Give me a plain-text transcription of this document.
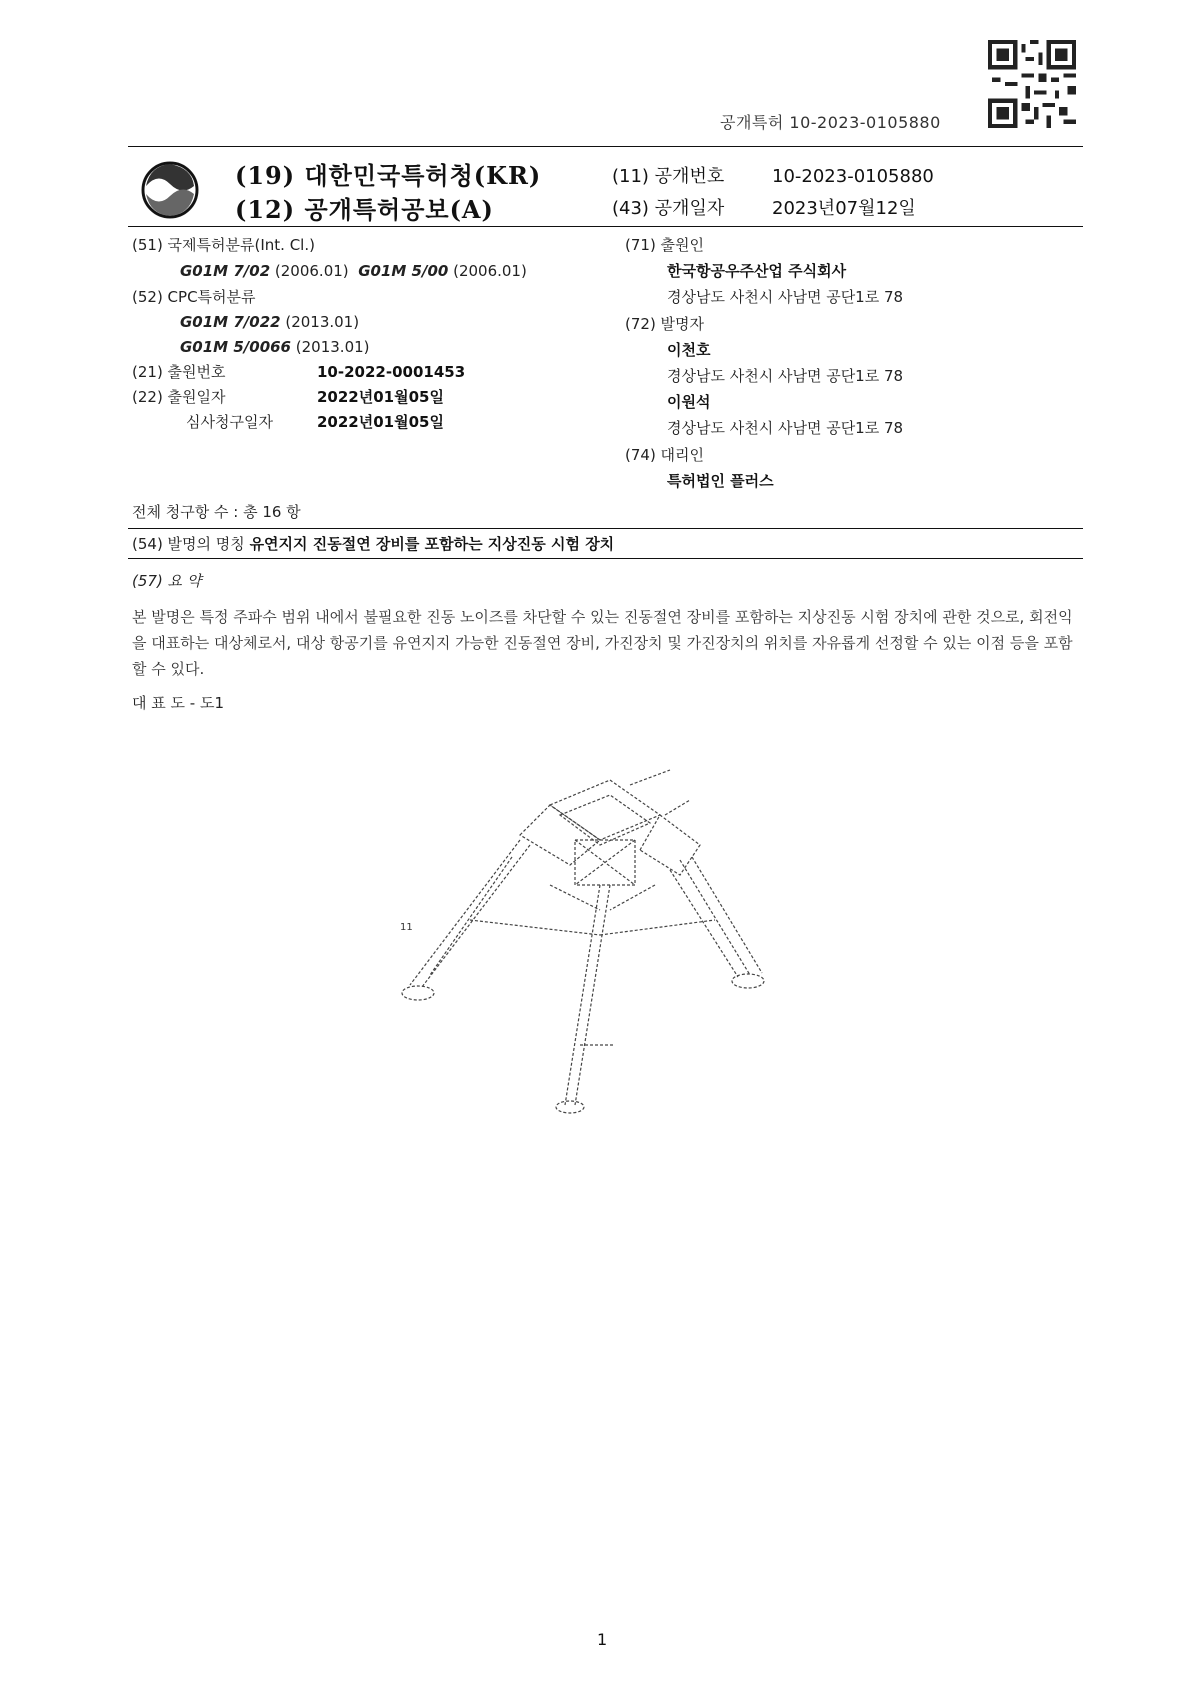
공개특허 10-2023-0105880
(19) 대한민국특허청(KR)
(12) 공개특허공보(A)
(11) 공개번호	10-2023-0105880
(43) 공개일자	2023년07월12일
(51) 국제특허분류(Int. Cl.)
G01M 7/02 (2006.01) G01M 5/00 (2006.01)
(52) CPC특허분류
G01M 7/022 (2013.01)
G01M 5/0066 (2013.01)
(21) 출원번호	10-2022-0001453
(22) 출원일자	2022년01월05일
심사청구일자	2022년01월05일
(71) 출원인
한국항공우주산업 주식회사
경상남도 사천시 사남면 공단1로 78
(72) 발명자
이천호
경상남도 사천시 사남면 공단1로 78
이원석
경상남도 사천시 사남면 공단1로 78
(74) 대리인
특허법인 플러스
전체 청구항 수 : 총 16 항
(54) 발명의 명칭 유연지지 진동절연 장비를 포함하는 지상진동 시험 장치
(57) 요 약
본 발명은 특정 주파수 범위 내에서 불필요한 진동 노이즈를 차단할 수 있는 진동절연 장비를 포함하는 지상진동 시험 장치에 관한 것으로, 회전익을 대표하는 대상체로서, 대상 항공기를 유연지지 가능한 진동절연 장비, 가진장치 및 가진장치의 위치를 자유롭게 선정할 수 있는 이점 등을 포함할 수 있다.
대 표 도 - 도1
11
1
